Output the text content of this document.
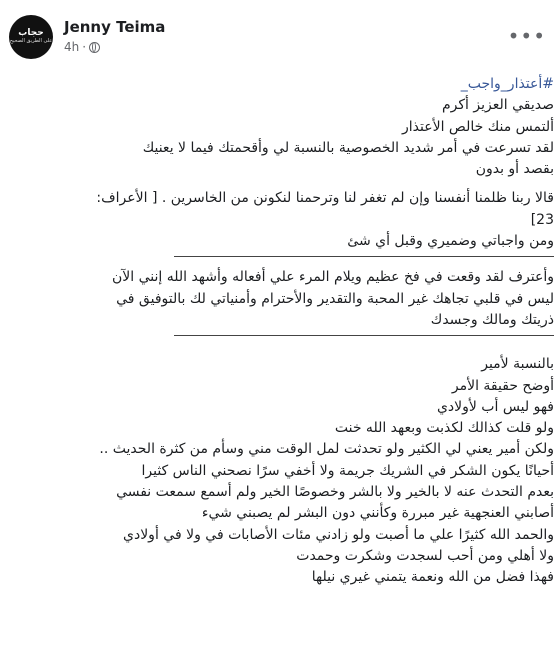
حجاب
على الطريق الصحيح
Jenny Teima
4h ·	•••
#أعتذار_واجب_
صديقي العزيز أكرم
ألتمس منك خالص الأعتذار
لقد تسرعت في أمر شديد الخصوصية بالنسبة لي وأقحمتك فيما لا يعنيك
بقصد أو بدون
قالا ربنا ظلمنا أنفسنا وإن لم تغفر لنا وترحمنا لنكونن من الخاسرين . [ الأعراف:
23]
ومن واجباتي وضميري وقبل أي شئ
وأعترف لقد وقعت في فخ عظيم ويلام المرء علي أفعاله وأشهد الله إنني الآن
ليس في قلبي تجاهك غير المحبة والتقدير والأحترام وأمنياتي لك بالتوفيق في
ذريتك ومالك وجسدك
بالنسبة لأمير
أوضح حقيقة الأمر
فهو ليس أب لأولادي
ولو قلت كذالك لكذبت وبعهد الله خنت
ولكن أمير يعني لي الكثير ولو تحدثت لمل الوقت مني وسأم من كثرة الحديث ..
أحيانًا يكون الشكر في الشريك جريمة ولا أخفي سرًا نصحني الناس كثيرا
بعدم التحدث عنه لا بالخير ولا بالشر وخصوصًا الخير ولم أسمع سمعت نفسي
أصابني العنجهية غير مبررة وكأنني دون البشر لم يصبني شيء
والحمد الله كثيرًا علي ما أصبت ولو زادني مئات الأصابات في ولا في أولادي
ولا أهلي ومن أحب لسجدت وشكرت وحمدت
فهذا فضل من الله ونعمة يتمني غيري نيلها
